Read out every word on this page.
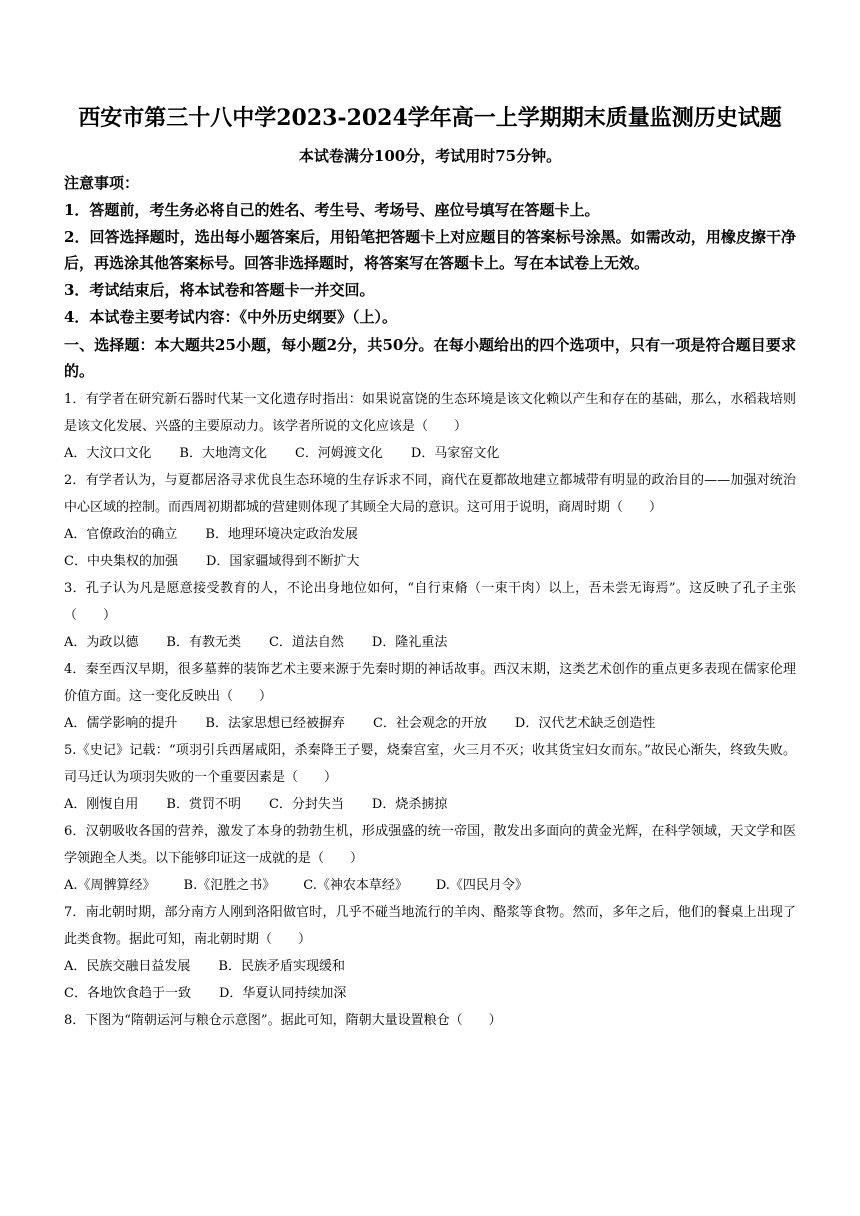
西安市第三十八中学2023-2024学年高一上学期期末质量监测历史试题
本试卷满分100分，考试用时75分钟。
注意事项：
1．答题前，考生务必将自己的姓名、考生号、考场号、座位号填写在答题卡上。
2．回答选择题时，选出每小题答案后，用铅笔把答题卡上对应题目的答案标号涂黑。如需改动，用橡皮擦干净后，再选涂其他答案标号。回答非选择题时，将答案写在答题卡上。写在本试卷上无效。
3．考试结束后，将本试卷和答题卡一并交回。
4．本试卷主要考试内容：《中外历史纲要》（上）。
一、选择题：本大题共25小题，每小题2分，共50分。在每小题给出的四个选项中，只有一项是符合题目要求的。
1．有学者在研究新石器时代某一文化遗存时指出：如果说富饶的生态环境是该文化赖以产生和存在的基础，那么，水稻栽培则是该文化发展、兴盛的主要原动力。该学者所说的文化应该是（　　）
A．大汶口文化 B．大地湾文化 C．河姆渡文化 D．马家窑文化
2．有学者认为，与夏都居洛寻求优良生态环境的生存诉求不同，商代在夏都故地建立都城带有明显的政治目的——加强对统治中心区域的控制。而西周初期都城的营建则体现了其顾全大局的意识。这可用于说明，商周时期（　　）
A．官僚政治的确立 B．地理环境决定政治发展
C．中央集权的加强 D．国家疆域得到不断扩大
3．孔子认为凡是愿意接受教育的人，不论出身地位如何，“自行束脩（一束干肉）以上，吾未尝无诲焉”。这反映了孔子主张（　　）
A．为政以德 B．有教无类 C．道法自然 D．隆礼重法
4．秦至西汉早期，很多墓葬的装饰艺术主要来源于先秦时期的神话故事。西汉末期，这类艺术创作的重点更多表现在儒家伦理价值方面。这一变化反映出（　　）
A．儒学影响的提升 B．法家思想已经被摒弃 C．社会观念的开放 D．汉代艺术缺乏创造性
5.《史记》记载：“项羽引兵西屠咸阳，杀秦降王子婴，烧秦宫室，火三月不灭；收其货宝妇女而东。”故民心渐失，终致失败。司马迁认为项羽失败的一个重要因素是（　　）
A．刚愎自用 B．赏罚不明 C．分封失当 D．烧杀掳掠
6．汉朝吸收各国的营养，激发了本身的勃勃生机，形成强盛的统一帝国，散发出多面向的黄金光辉，在科学领域，天文学和医学领跑全人类。以下能够印证这一成就的是（　　）
A.《周髀算经》 B.《氾胜之书》 C.《神农本草经》 D.《四民月令》
7．南北朝时期，部分南方人刚到洛阳做官时，几乎不碰当地流行的羊肉、酪浆等食物。然而，多年之后，他们的餐桌上出现了此类食物。据此可知，南北朝时期（　　）
A．民族交融日益发展 B．民族矛盾实现缓和
C．各地饮食趋于一致 D．华夏认同持续加深
8．下图为“隋朝运河与粮仓示意图”。据此可知，隋朝大量设置粮仓（　　）
